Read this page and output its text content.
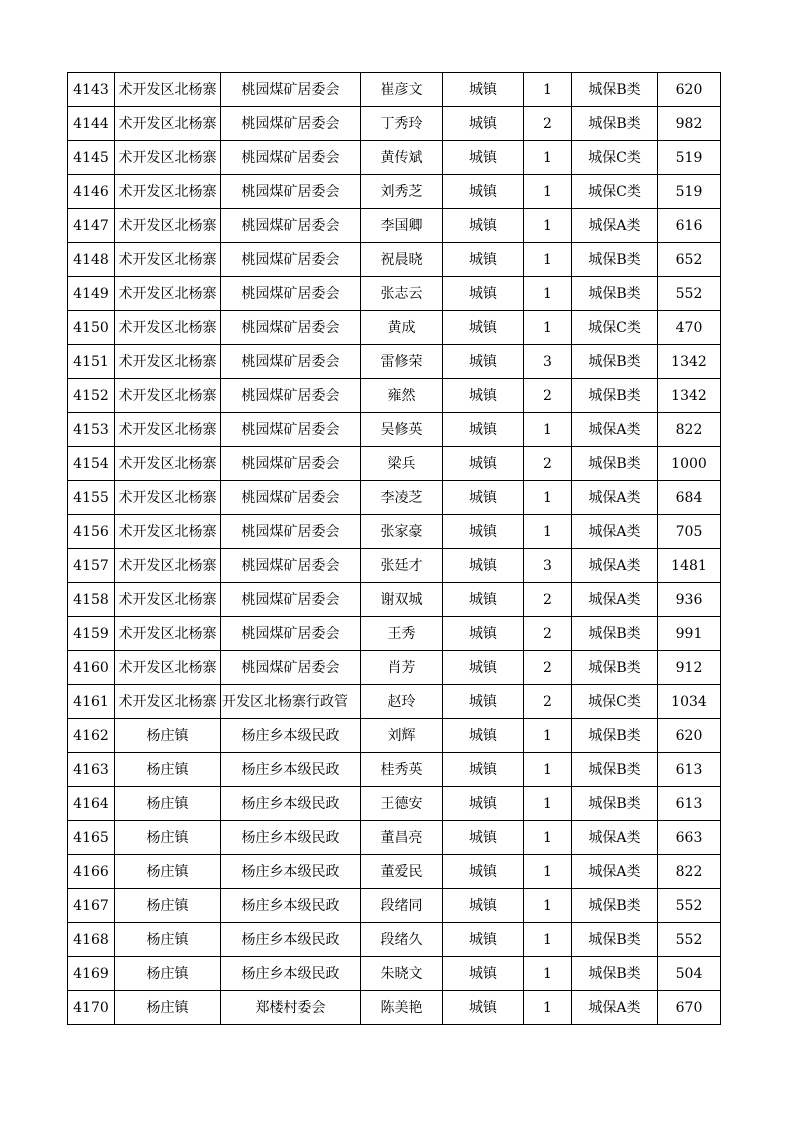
4143	术开发区北杨寨	桃园煤矿居委会	崔彦文	城镇	1	城保B类	620
4144	术开发区北杨寨	桃园煤矿居委会	丁秀玲	城镇	2	城保B类	982
4145	术开发区北杨寨	桃园煤矿居委会	黄传斌	城镇	1	城保C类	519
4146	术开发区北杨寨	桃园煤矿居委会	刘秀芝	城镇	1	城保C类	519
4147	术开发区北杨寨	桃园煤矿居委会	李国卿	城镇	1	城保A类	616
4148	术开发区北杨寨	桃园煤矿居委会	祝晨晓	城镇	1	城保B类	652
4149	术开发区北杨寨	桃园煤矿居委会	张志云	城镇	1	城保B类	552
4150	术开发区北杨寨	桃园煤矿居委会	黄成	城镇	1	城保C类	470
4151	术开发区北杨寨	桃园煤矿居委会	雷修荣	城镇	3	城保B类	1342
4152	术开发区北杨寨	桃园煤矿居委会	雍然	城镇	2	城保B类	1342
4153	术开发区北杨寨	桃园煤矿居委会	吴修英	城镇	1	城保A类	822
4154	术开发区北杨寨	桃园煤矿居委会	梁兵	城镇	2	城保B类	1000
4155	术开发区北杨寨	桃园煤矿居委会	李凌芝	城镇	1	城保A类	684
4156	术开发区北杨寨	桃园煤矿居委会	张家豪	城镇	1	城保A类	705
4157	术开发区北杨寨	桃园煤矿居委会	张廷才	城镇	3	城保A类	1481
4158	术开发区北杨寨	桃园煤矿居委会	谢双城	城镇	2	城保A类	936
4159	术开发区北杨寨	桃园煤矿居委会	王秀	城镇	2	城保B类	991
4160	术开发区北杨寨	桃园煤矿居委会	肖芳	城镇	2	城保B类	912
4161	术开发区北杨寨	开发区北杨寨行政管	赵玲	城镇	2	城保C类	1034
4162	杨庄镇	杨庄乡本级民政	刘辉	城镇	1	城保B类	620
4163	杨庄镇	杨庄乡本级民政	桂秀英	城镇	1	城保B类	613
4164	杨庄镇	杨庄乡本级民政	王德安	城镇	1	城保B类	613
4165	杨庄镇	杨庄乡本级民政	董昌亮	城镇	1	城保A类	663
4166	杨庄镇	杨庄乡本级民政	董爱民	城镇	1	城保A类	822
4167	杨庄镇	杨庄乡本级民政	段绪同	城镇	1	城保B类	552
4168	杨庄镇	杨庄乡本级民政	段绪久	城镇	1	城保B类	552
4169	杨庄镇	杨庄乡本级民政	朱晓文	城镇	1	城保B类	504
4170	杨庄镇	郑楼村委会	陈美艳	城镇	1	城保A类	670
